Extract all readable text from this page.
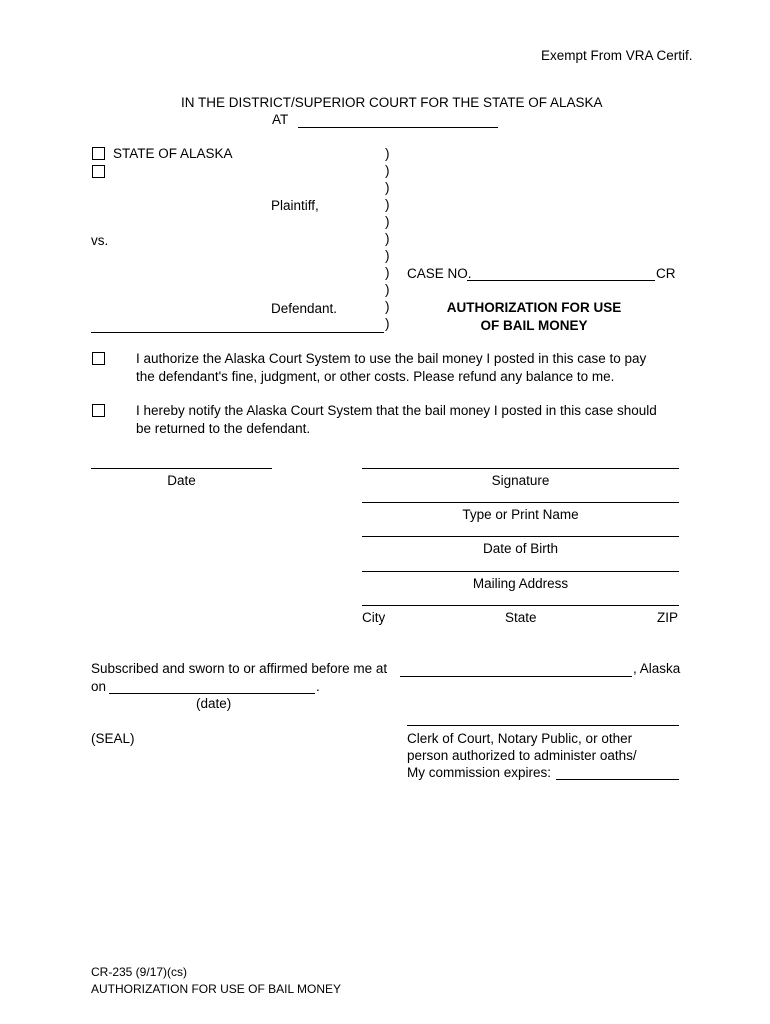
Exempt From VRA Certif.
IN THE DISTRICT/SUPERIOR COURT FOR THE STATE OF ALASKA
AT
STATE OF ALASKA
Plaintiff,
vs.
Defendant.
)
)
)
)
)
)
)
)
)
)
)
CASE NO.	CR
AUTHORIZATION FOR USE
OF BAIL MONEY
I authorize the Alaska Court System to use the bail money I posted in this case to pay
the defendant's fine, judgment, or other costs. Please refund any balance to me.
I hereby notify the Alaska Court System that the bail money I posted in this case should
be returned to the defendant.
Date	Signature
Type or Print Name
Date of Birth
Mailing Address
City	State	ZIP
Subscribed and sworn to or affirmed before me at	, Alaska
on	.
(date)
(SEAL)	Clerk of Court, Notary Public, or other
person authorized to administer oaths/
My commission expires:
CR-235 (9/17)(cs)
AUTHORIZATION FOR USE OF BAIL MONEY
